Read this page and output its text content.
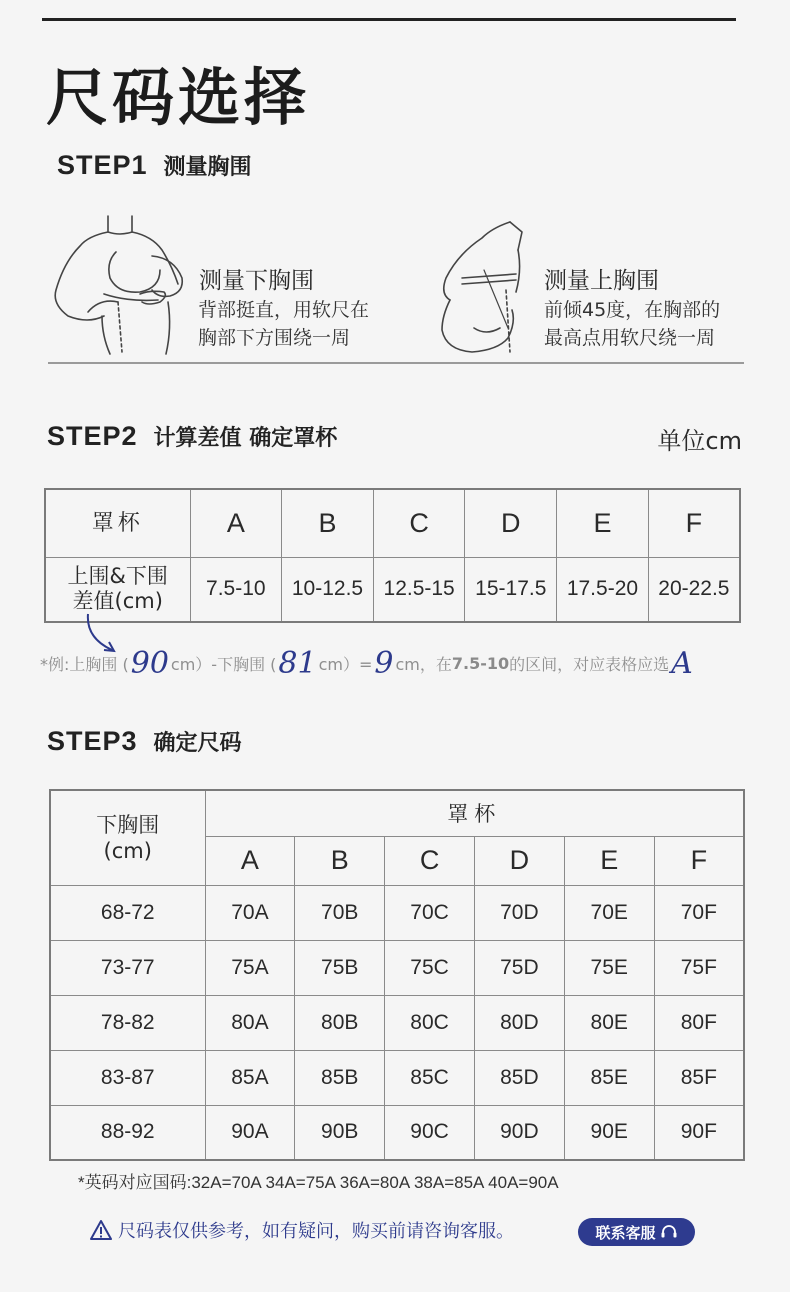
尺码选择
STEP1 测量胸围
测量下胸围
背部挺直，用软尺在
胸部下方围绕一周
测量上胸围
前倾45度，在胸部的
最高点用软尺绕一周
STEP2 计算差值 确定罩杯	单位cm
罩杯	A	B	C	D	E	F

上围&下围
差值(cm)	7.5-10	10-12.5	12.5-15	15-17.5	17.5-20	20-22.5
*例:上胸围 ( 90 cm）-下胸围 ( 81 cm）= 9 cm，在 7.5-10 的区间，对应表格应选 A
STEP3 确定尺码
下胸围
(cm)	罩杯					
	A	B	C	D	E	F
68-72	70A	70B	70C	70D	70E	70F
73-77	75A	75B	75C	75D	75E	75F
78-82	80A	80B	80C	80D	80E	80F
83-87	85A	85B	85C	85D	85E	85F
88-92	90A	90B	90C	90D	90E	90F
*英码对应国码:32A=70A 34A=75A 36A=80A 38A=85A 40A=90A
尺码表仅供参考，如有疑问，购买前请咨询客服。	联系客服
